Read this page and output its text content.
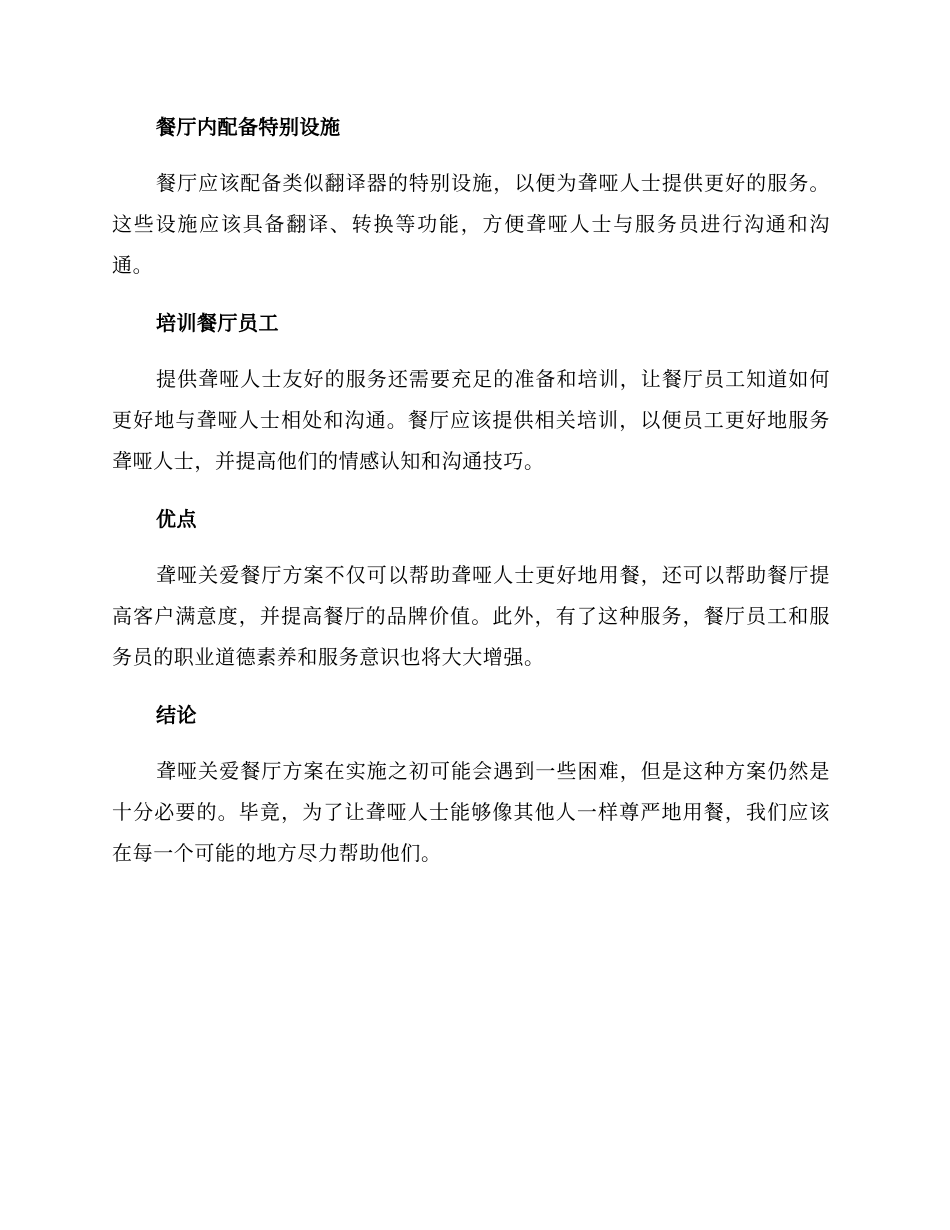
餐厅内配备特别设施

餐厅应该配备类似翻译器的特别设施，以便为聋哑人士提供更好的服务。这些设施应该具备翻译、转换等功能，方便聋哑人士与服务员进行沟通和沟通。

培训餐厅员工

提供聋哑人士友好的服务还需要充足的准备和培训，让餐厅员工知道如何更好地与聋哑人士相处和沟通。餐厅应该提供相关培训，以便员工更好地服务聋哑人士，并提高他们的情感认知和沟通技巧。

优点

聋哑关爱餐厅方案不仅可以帮助聋哑人士更好地用餐，还可以帮助餐厅提高客户满意度，并提高餐厅的品牌价值。此外，有了这种服务，餐厅员工和服务员的职业道德素养和服务意识也将大大增强。

结论

聋哑关爱餐厅方案在实施之初可能会遇到一些困难，但是这种方案仍然是十分必要的。毕竟，为了让聋哑人士能够像其他人一样尊严地用餐，我们应该在每一个可能的地方尽力帮助他们。
